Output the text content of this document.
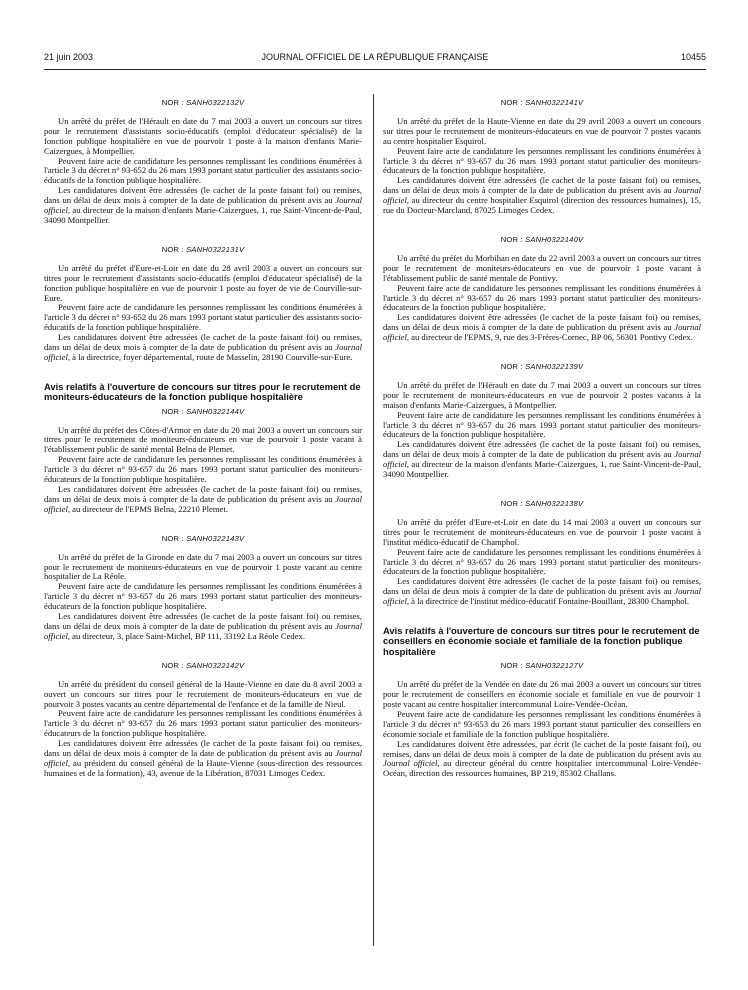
21 juin 2003	JOURNAL OFFICIEL DE LA RÉPUBLIQUE FRANÇAISE	10455
NOR : SANH0322132V

Un arrêté du préfet de l'Hérault en date du 7 mai 2003 a ouvert un concours sur titres pour le recrutement d'assistants socio-éducatifs (emploi d'éducateur spécialisé) de la fonction publique hospitalière en vue de pourvoir 1 poste à la maison d'enfants Marie-Caizergues, à Montpellier.

Peuvent faire acte de candidature les personnes remplissant les conditions énumérées à l'article 3 du décret n° 93-652 du 26 mars 1993 portant statut particulier des assistants socio-éducatifs de la fonction publique hospitalière.

Les candidatures doivent être adressées (le cachet de la poste faisant foi) ou remises, dans un délai de deux mois à compter de la date de publication du présent avis au Journal officiel, au directeur de la maison d'enfants Marie-Caizergues, 1, rue Saint-Vincent-de-Paul, 34090 Montpellier.

NOR : SANH0322131V

Un arrêté du préfet d'Eure-et-Loir en date du 28 avril 2003 a ouvert un concours sur titres pour le recrutement d'assistants socio-éducatifs (emploi d'éducateur spécialisé) de la fonction publique hospitalière en vue de pourvoir 1 poste au foyer de vie de Courville-sur-Eure.

Peuvent faire acte de candidature les personnes remplissant les conditions énumérées à l'article 3 du décret n° 93-652 du 26 mars 1993 portant statut particulier des assistants socio-éducatifs de la fonction publique hospitalière.

Les candidatures doivent être adressées (le cachet de la poste faisant foi) ou remises, dans un délai de deux mois à compter de la date de publication du présent avis au Journal officiel, à la directrice, foyer départemental, route de Masselin, 28190 Courville-sur-Eure.

Avis relatifs à l'ouverture de concours sur titres pour le recrutement de moniteurs-éducateurs de la fonction publique hospitalière
NOR : SANH0322144V

Un arrêté du préfet des Côtes-d'Armor en date du 20 mai 2003 a ouvert un concours sur titres pour le recrutement de moniteurs-éducateurs en vue de pourvoir 1 poste vacant à l'établissement public de santé mental Belna de Plemet.

Peuvent faire acte de candidature les personnes remplissant les conditions énumérées à l'article 3 du décret n° 93-657 du 26 mars 1993 portant statut particulier des moniteurs-éducateurs de la fonction publique hospitalière.

Les candidatures doivent être adressées (le cachet de la poste faisant foi) ou remises, dans un délai de deux mois à compter de la date de publication du présent avis au Journal officiel, au directeur de l'EPMS Belna, 22210 Plemet.

NOR : SANH0322143V

Un arrêté du préfet de la Gironde en date du 7 mai 2003 a ouvert un concours sur titres pour le recrutement de moniteurs-éducateurs en vue de pourvoir 1 poste vacant au centre hospitalier de La Réole.

Peuvent faire acte de candidature les personnes remplissant les conditions énumérées à l'article 3 du décret n° 93-657 du 26 mars 1993 portant statut particulier des moniteurs-éducateurs de la fonction publique hospitalière.

Les candidatures doivent être adressées (le cachet de la poste faisant foi) ou remises, dans un délai de deux mois à compter de la date de publication du présent avis au Journal officiel, au directeur, 3, place Saint-Michel, BP 111, 33192 La Réole Cedex.

NOR : SANH0322142V

Un arrêté du président du conseil général de la Haute-Vienne en date du 8 avril 2003 a ouvert un concours sur titres pour le recrutement de moniteurs-éducateurs en vue de pourvoir 3 postes vacants au centre départemental de l'enfance et de la famille de Nieul.

Peuvent faire acte de candidature les personnes remplissant les conditions énumérées à l'article 3 du décret n° 93-657 du 26 mars 1993 portant statut particulier des moniteurs-éducateurs de la fonction publique hospitalière.

Les candidatures doivent être adressées (le cachet de la poste faisant foi) ou remises, dans un délai de deux mois à compter de la date de publication du présent avis au Journal officiel, au président du conseil général de la Haute-Vienne (sous-direction des ressources humaines et de la formation), 43, avenue de la Libération, 87031 Limoges Cedex.

NOR : SANH0322141V

Un arrêté du préfet de la Haute-Vienne en date du 29 avril 2003 a ouvert un concours sur titres pour le recrutement de moniteurs-éducateurs en vue de pourvoir 7 postes vacants au centre hospitalier Esquirol.

Peuvent faire acte de candidature les personnes remplissant les conditions énumérées à l'article 3 du décret n° 93-657 du 26 mars 1993 portant statut particulier des moniteurs-éducateurs de la fonction publique hospitalière.

Les candidatures doivent être adressées (le cachet de la poste faisant foi) ou remises, dans un délai de deux mois à compter de la date de publication du présent avis au Journal officiel, au directeur du centre hospitalier Esquirol (direction des ressources humaines), 15, rue du Docteur-Marcland, 87025 Limoges Cedex.

NOR : SANH0322140V

Un arrêté du préfet du Morbihan en date du 22 avril 2003 a ouvert un concours sur titres pour le recrutement de moniteurs-éducateurs en vue de pourvoir 1 poste vacant à l'établissement public de santé mentale de Pontivy.

Peuvent faire acte de candidature les personnes remplissant les conditions énumérées à l'article 3 du décret n° 93-657 du 26 mars 1993 portant statut particulier des moniteurs-éducateurs de la fonction publique hospitalière.

Les candidatures doivent être adressées (le cachet de la poste faisant foi) ou remises, dans un délai de deux mois à compter de la date de publication du présent avis au Journal officiel, au directeur de l'EPMS, 9, rue des 3-Frères-Cornec, BP 06, 56301 Pontivy Cedex.

NOR : SANH0322139V

Un arrêté du préfet de l'Hérault en date du 7 mai 2003 a ouvert un concours sur titres pour le recrutement de moniteurs-éducateurs en vue de pourvoir 2 postes vacants à la maison d'enfants Marie-Caizergues, à Montpellier.

Peuvent faire acte de candidature les personnes remplissant les conditions énumérées à l'article 3 du décret n° 93-657 du 26 mars 1993 portant statut particulier des moniteurs-éducateurs de la fonction publique hospitalière.

Les candidatures doivent être adressées (le cachet de la poste faisant foi) ou remises, dans un délai de deux mois à compter de la date de publication du présent avis au Journal officiel, au directeur de la maison d'enfants Marie-Caizergues, 1, rue Saint-Vincent-de-Paul, 34090 Montpellier.

NOR : SANH0322138V

Un arrêté du préfet d'Eure-et-Loir en date du 14 mai 2003 a ouvert un concours sur titres pour le recrutement de moniteurs-éducateurs en vue de pourvoir 1 poste vacant à l'institut médico-éducatif de Champhol.

Peuvent faire acte de candidature les personnes remplissant les conditions énumérées à l'article 3 du décret n° 93-657 du 26 mars 1993 portant statut particulier des moniteurs-éducateurs de la fonction publique hospitalière.

Les candidatures doivent être adressées (le cachet de la poste faisant foi) ou remises, dans un délai de deux mois à compter de la date de publication du présent avis au Journal officiel, à la directrice de l'institut médico-éducatif Fontaine-Bouillant, 28300 Champhol.

Avis relatifs à l'ouverture de concours sur titres pour le recrutement de conseillers en économie sociale et familiale de la fonction publique hospitalière
NOR : SANH0322127V

Un arrêté du préfet de la Vendée en date du 26 mai 2003 a ouvert un concours sur titres pour le recrutement de conseillers en économie sociale et familiale en vue de pourvoir 1 poste vacant au centre hospitalier intercommunal Loire-Vendée-Océan.

Peuvent faire acte de candidature les personnes remplissant les conditions énumérées à l'article 3 du décret n° 93-653 du 26 mars 1993 portant statut particulier des conseillers en économie sociale et familiale de la fonction publique hospitalière.

Les candidatures doivent être adressées, par écrit (le cachet de la poste faisant foi), ou remises, dans un délai de deux mois à compter de la date de publication du présent avis au Journal officiel, au directeur général du centre hospitalier intercommunal Loire-Vendée-Océan, direction des ressources humaines, BP 219, 85302 Challans.
